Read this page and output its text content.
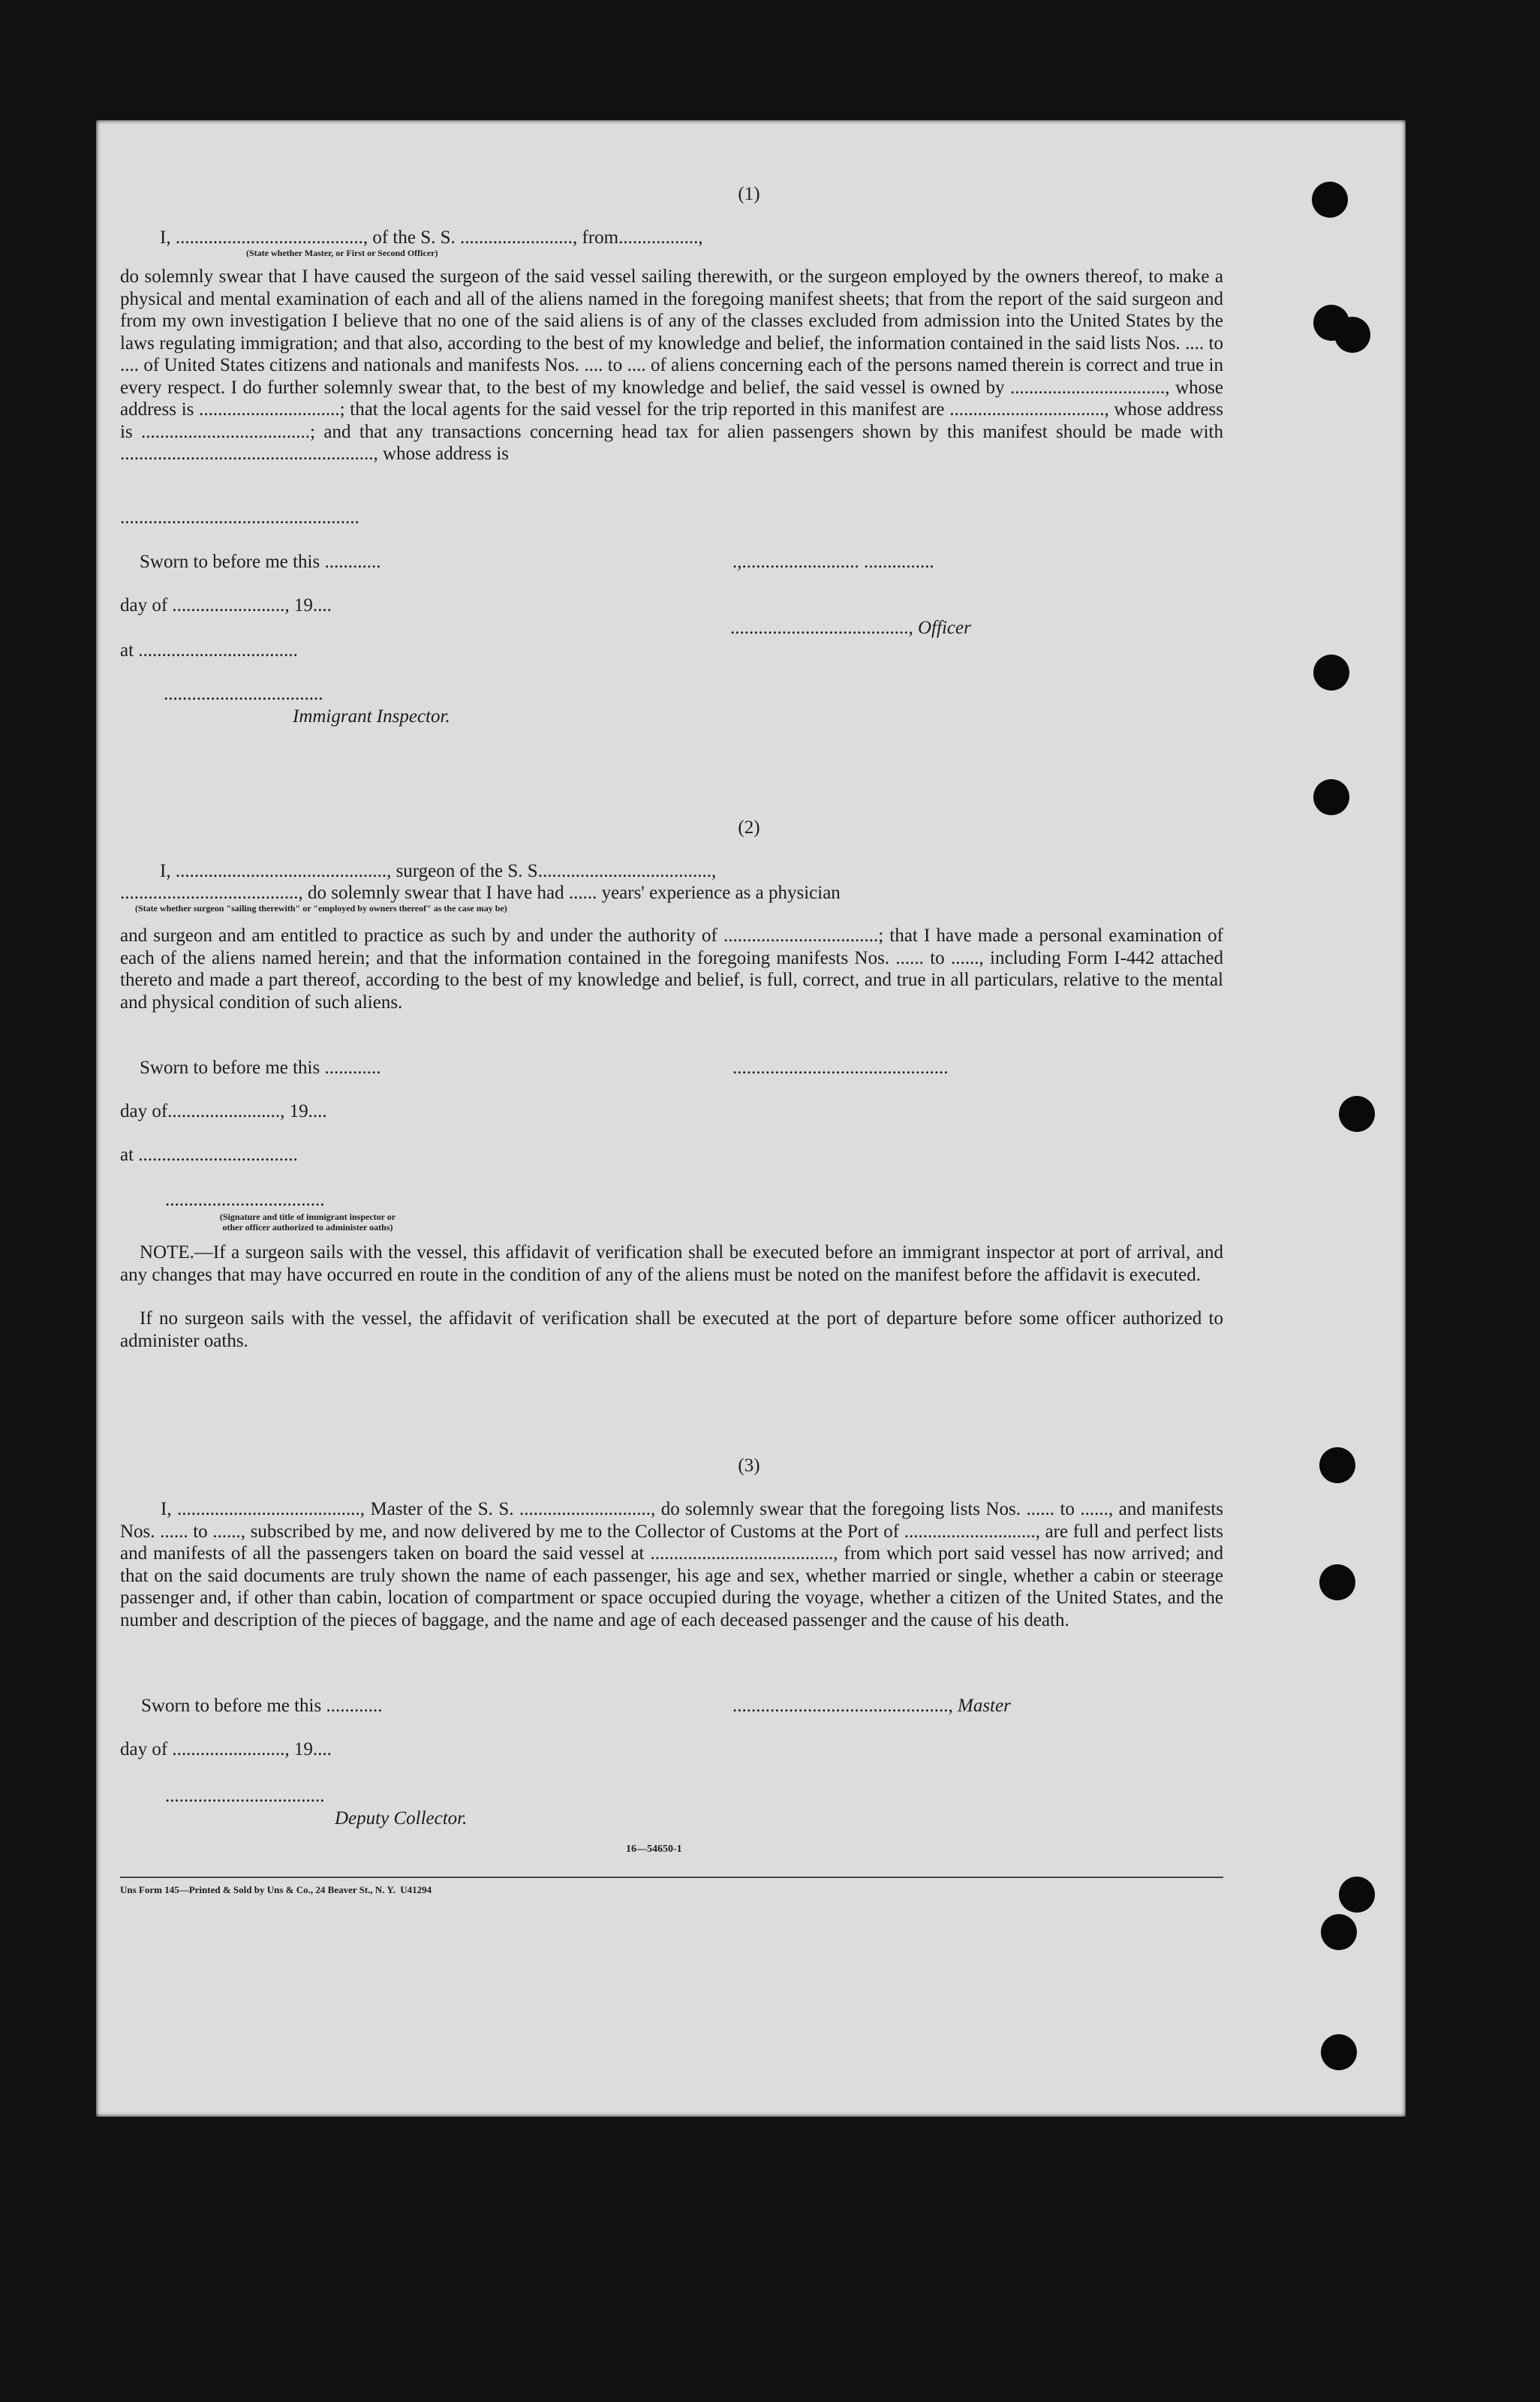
(1)
I, ........................................, of the S. S. ........................, from.................,
(State whether Master, or First or Second Officer)
do solemnly swear that I have caused the surgeon of the said vessel sailing therewith, or the surgeon employed by the owners thereof, to make a physical and mental examination of each and all of the aliens named in the foregoing manifest sheets; that from the report of the said surgeon and from my own investigation I believe that no one of the said aliens is of any of the classes excluded from admission into the United States by the laws regulating immigration; and that also, according to the best of my knowledge and belief, the information contained in the said lists Nos. .... to .... of United States citizens and nationals and manifests Nos. .... to .... of aliens concerning each of the persons named therein is correct and true in every respect. I do further solemnly swear that, to the best of my knowledge and belief, the said vessel is owned by ................................., whose address is ..............................; that the local agents for the said vessel for the trip reported in this manifest are ................................., whose address is ....................................; and that any transactions concerning head tax for alien passengers shown by this manifest should be made with ......................................................, whose address is
...................................................
Sworn to before me this ............	.,......................... ...............
day of ........................, 19....
......................................, Officer
at ..................................
..................................
Immigrant Inspector.
(2)
I, ............................................., surgeon of the S. S.....................................,
......................................, do solemnly swear that I have had ...... years' experience as a physician
(State whether surgeon "sailing therewith" or "employed by owners thereof" as the case may be)
and surgeon and am entitled to practice as such by and under the authority of .................................; that I have made a personal examination of each of the aliens named herein; and that the information contained in the foregoing manifests Nos. ...... to ......, including Form I-442 attached thereto and made a part thereof, according to the best of my knowledge and belief, is full, correct, and true in all particulars, relative to the mental and physical condition of such aliens.
Sworn to before me this ............	..............................................
day of........................, 19....
at ..................................
..................................
(Signature and title of immigrant inspector or
other officer authorized to administer oaths)
NOTE.—If a surgeon sails with the vessel, this affidavit of verification shall be executed before an immigrant inspector at port of arrival, and any changes that may have occurred en route in the condition of any of the aliens must be noted on the manifest before the affidavit is executed.
If no surgeon sails with the vessel, the affidavit of verification shall be executed at the port of departure before some officer authorized to administer oaths.
(3)
I, ......................................., Master of the S. S. ............................, do solemnly swear that the foregoing lists Nos. ...... to ......, and manifests Nos. ...... to ......, subscribed by me, and now delivered by me to the Collector of Customs at the Port of ............................, are full and perfect lists and manifests of all the passengers taken on board the said vessel at ......................................., from which port said vessel has now arrived; and that on the said documents are truly shown the name of each passenger, his age and sex, whether married or single, whether a cabin or steerage passenger and, if other than cabin, location of compartment or space occupied during the voyage, whether a citizen of the United States, and the number and description of the pieces of baggage, and the name and age of each deceased passenger and the cause of his death.
Sworn to before me this ............	.............................................., Master
day of ........................, 19....
..................................
Deputy Collector.
16—54650-1
Uns Form 145—Printed & Sold by Uns & Co., 24 Beaver St., N. Y.  U41294
